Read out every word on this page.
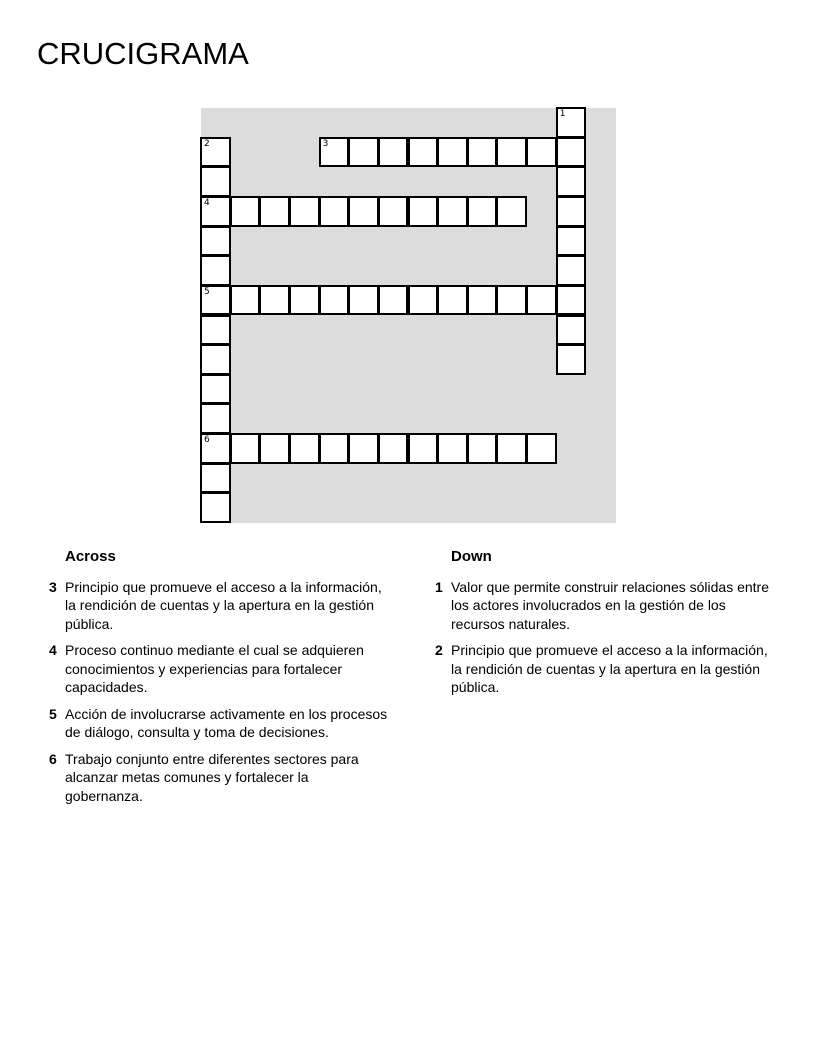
CRUCIGRAMA
1
2
4
5
6
3
Across
3 Principio que promueve el acceso a la información, la rendición de cuentas y la apertura en la gestión pública.
4 Proceso continuo mediante el cual se adquieren conocimientos y experiencias para fortalecer capacidades.
5 Acción de involucrarse activamente en los procesos de diálogo, consulta y toma de decisiones.
6 Trabajo conjunto entre diferentes sectores para alcanzar metas comunes y fortalecer la gobernanza.
Down
1 Valor que permite construir relaciones sólidas entre los actores involucrados en la gestión de los recursos naturales.
2 Principio que promueve el acceso a la información, la rendición de cuentas y la apertura en la gestión pública.
